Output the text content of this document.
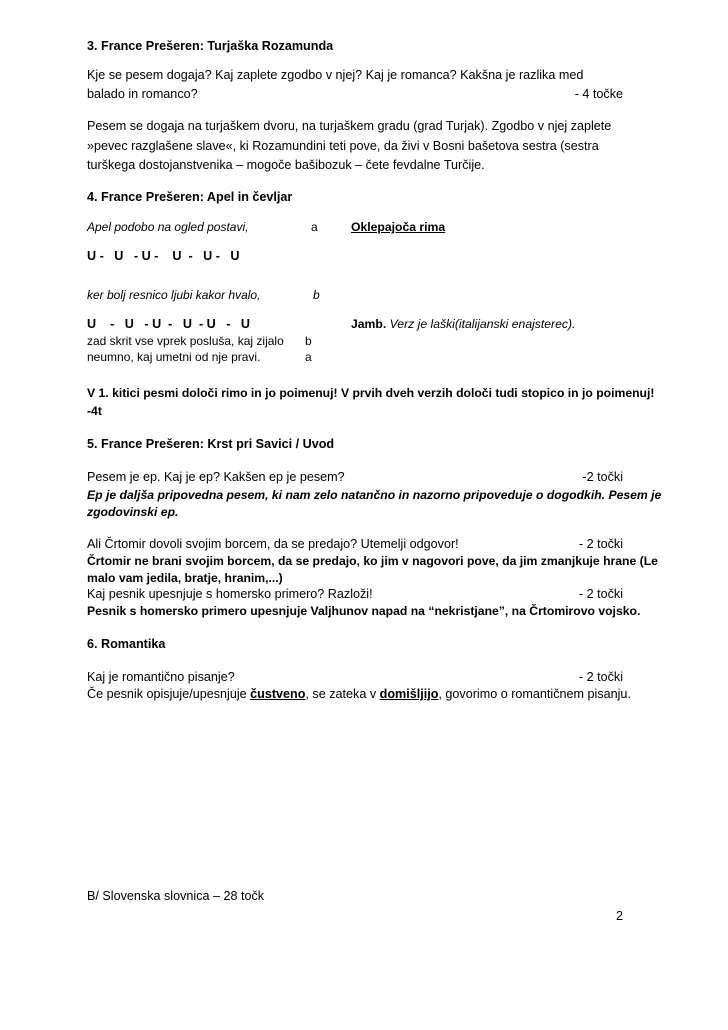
3. France Prešeren: Turjaška Rozamunda
Kje se pesem dogaja? Kaj zaplete zgodbo v njej? Kaj je romanca? Kakšna je razlika med
balado in romanco?	- 4 točke
Pesem se dogaja na turjaškem dvoru, na turjaškem gradu (grad Turjak). Zgodbo v njej zaplete
»pevec razglašene slave«, ki Rozamundini teti pove, da živi v Bosni bašetova sestra (sestra
turškega dostojanstvenika – mogoče bašibozuk – čete fevdalne Turčije.
4. France Prešeren: Apel in čevljar
Apel podobo na ogled postavi,	a	Oklepajoča rima
U -   U   - U -    U  -   U -   U
ker bolj resnico ljubi kakor hvalo,	b
U    -   U   - U  -   U  - U   -   U	Jamb. Verz je laški(italijanski enajsterec).
zad skrit vse vprek posluša, kaj zijalo b
neumno, kaj umetni od nje pravi.	a
V 1. kitici pesmi določi rimo in jo poimenuj! V prvih dveh verzih določi tudi stopico in jo poimenuj!
-4t
5. France Prešeren: Krst pri Savici / Uvod
Pesem je ep. Kaj je ep? Kakšen ep je pesem?	-2 točki
Ep je daljša pripovedna pesem, ki nam zelo natančno in nazorno pripoveduje o dogodkih. Pesem je
zgodovinski ep.
Ali Črtomir dovoli svojim borcem, da se predajo? Utemelji odgovor!	- 2 točki
Črtomir ne brani svojim borcem, da se predajo, ko jim v nagovori pove, da jim zmanjkuje hrane (Le
malo vam jedila, bratje, hranim,...)
Kaj pesnik upesnjuje s homersko primero? Razloži!	- 2 točki
Pesnik s homersko primero upesnjuje Valjhunov napad na “nekristjane”, na Črtomirovo vojsko.
6. Romantika
Kaj je romantično pisanje?	- 2 točki
Če pesnik opisjuje/upesnjuje čustveno, se zateka v domišljijo, govorimo o romantičnem pisanju.
B/ Slovenska slovnica – 28 točk
2
